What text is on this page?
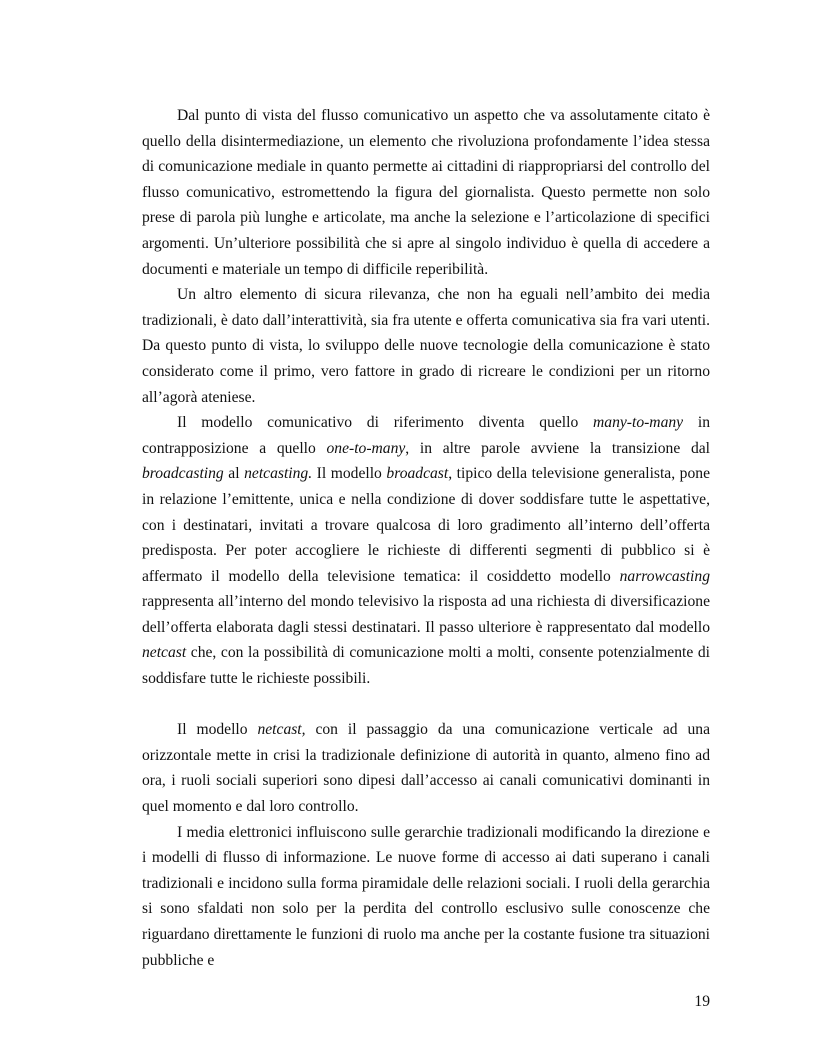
Dal punto di vista del flusso comunicativo un aspetto che va assolutamente citato è quello della disintermediazione, un elemento che rivoluziona profondamente l’idea stessa di comunicazione mediale in quanto permette ai cittadini di riappropriarsi del controllo del flusso comunicativo, estromettendo la figura del giornalista. Questo permette non solo prese di parola più lunghe e articolate, ma anche la selezione e l’articolazione di specifici argomenti. Un’ulteriore possibilità che si apre al singolo individuo è quella di accedere a documenti e materiale un tempo di difficile reperibilità.

Un altro elemento di sicura rilevanza, che non ha eguali nell’ambito dei media tradizionali, è dato dall’interattività, sia fra utente e offerta comunicativa sia fra vari utenti. Da questo punto di vista, lo sviluppo delle nuove tecnologie della comunicazione è stato considerato come il primo, vero fattore in grado di ricreare le condizioni per un ritorno all’agorà ateniese.

Il modello comunicativo di riferimento diventa quello many-to-many in contrapposizione a quello one-to-many, in altre parole avviene la transizione dal broadcasting al netcasting. Il modello broadcast, tipico della televisione generalista, pone in relazione l’emittente, unica e nella condizione di dover soddisfare tutte le aspettative, con i destinatari, invitati a trovare qualcosa di loro gradimento all’interno dell’offerta predisposta. Per poter accogliere le richieste di differenti segmenti di pubblico si è affermato il modello della televisione tematica: il cosiddetto modello narrowcasting rappresenta all’interno del mondo televisivo la risposta ad una richiesta di diversificazione dell’offerta elaborata dagli stessi destinatari. Il passo ulteriore è rappresentato dal modello netcast che, con la possibilità di comunicazione molti a molti, consente potenzialmente di soddisfare tutte le richieste possibili.

Il modello netcast, con il passaggio da una comunicazione verticale ad una orizzontale mette in crisi la tradizionale definizione di autorità in quanto, almeno fino ad ora, i ruoli sociali superiori sono dipesi dall’accesso ai canali comunicativi dominanti in quel momento e dal loro controllo.

I media elettronici influiscono sulle gerarchie tradizionali modificando la direzione e i modelli di flusso di informazione. Le nuove forme di accesso ai dati superano i canali tradizionali e incidono sulla forma piramidale delle relazioni sociali. I ruoli della gerarchia si sono sfaldati non solo per la perdita del controllo esclusivo sulle conoscenze che riguardano direttamente le funzioni di ruolo ma anche per la costante fusione tra situazioni pubbliche e

19
